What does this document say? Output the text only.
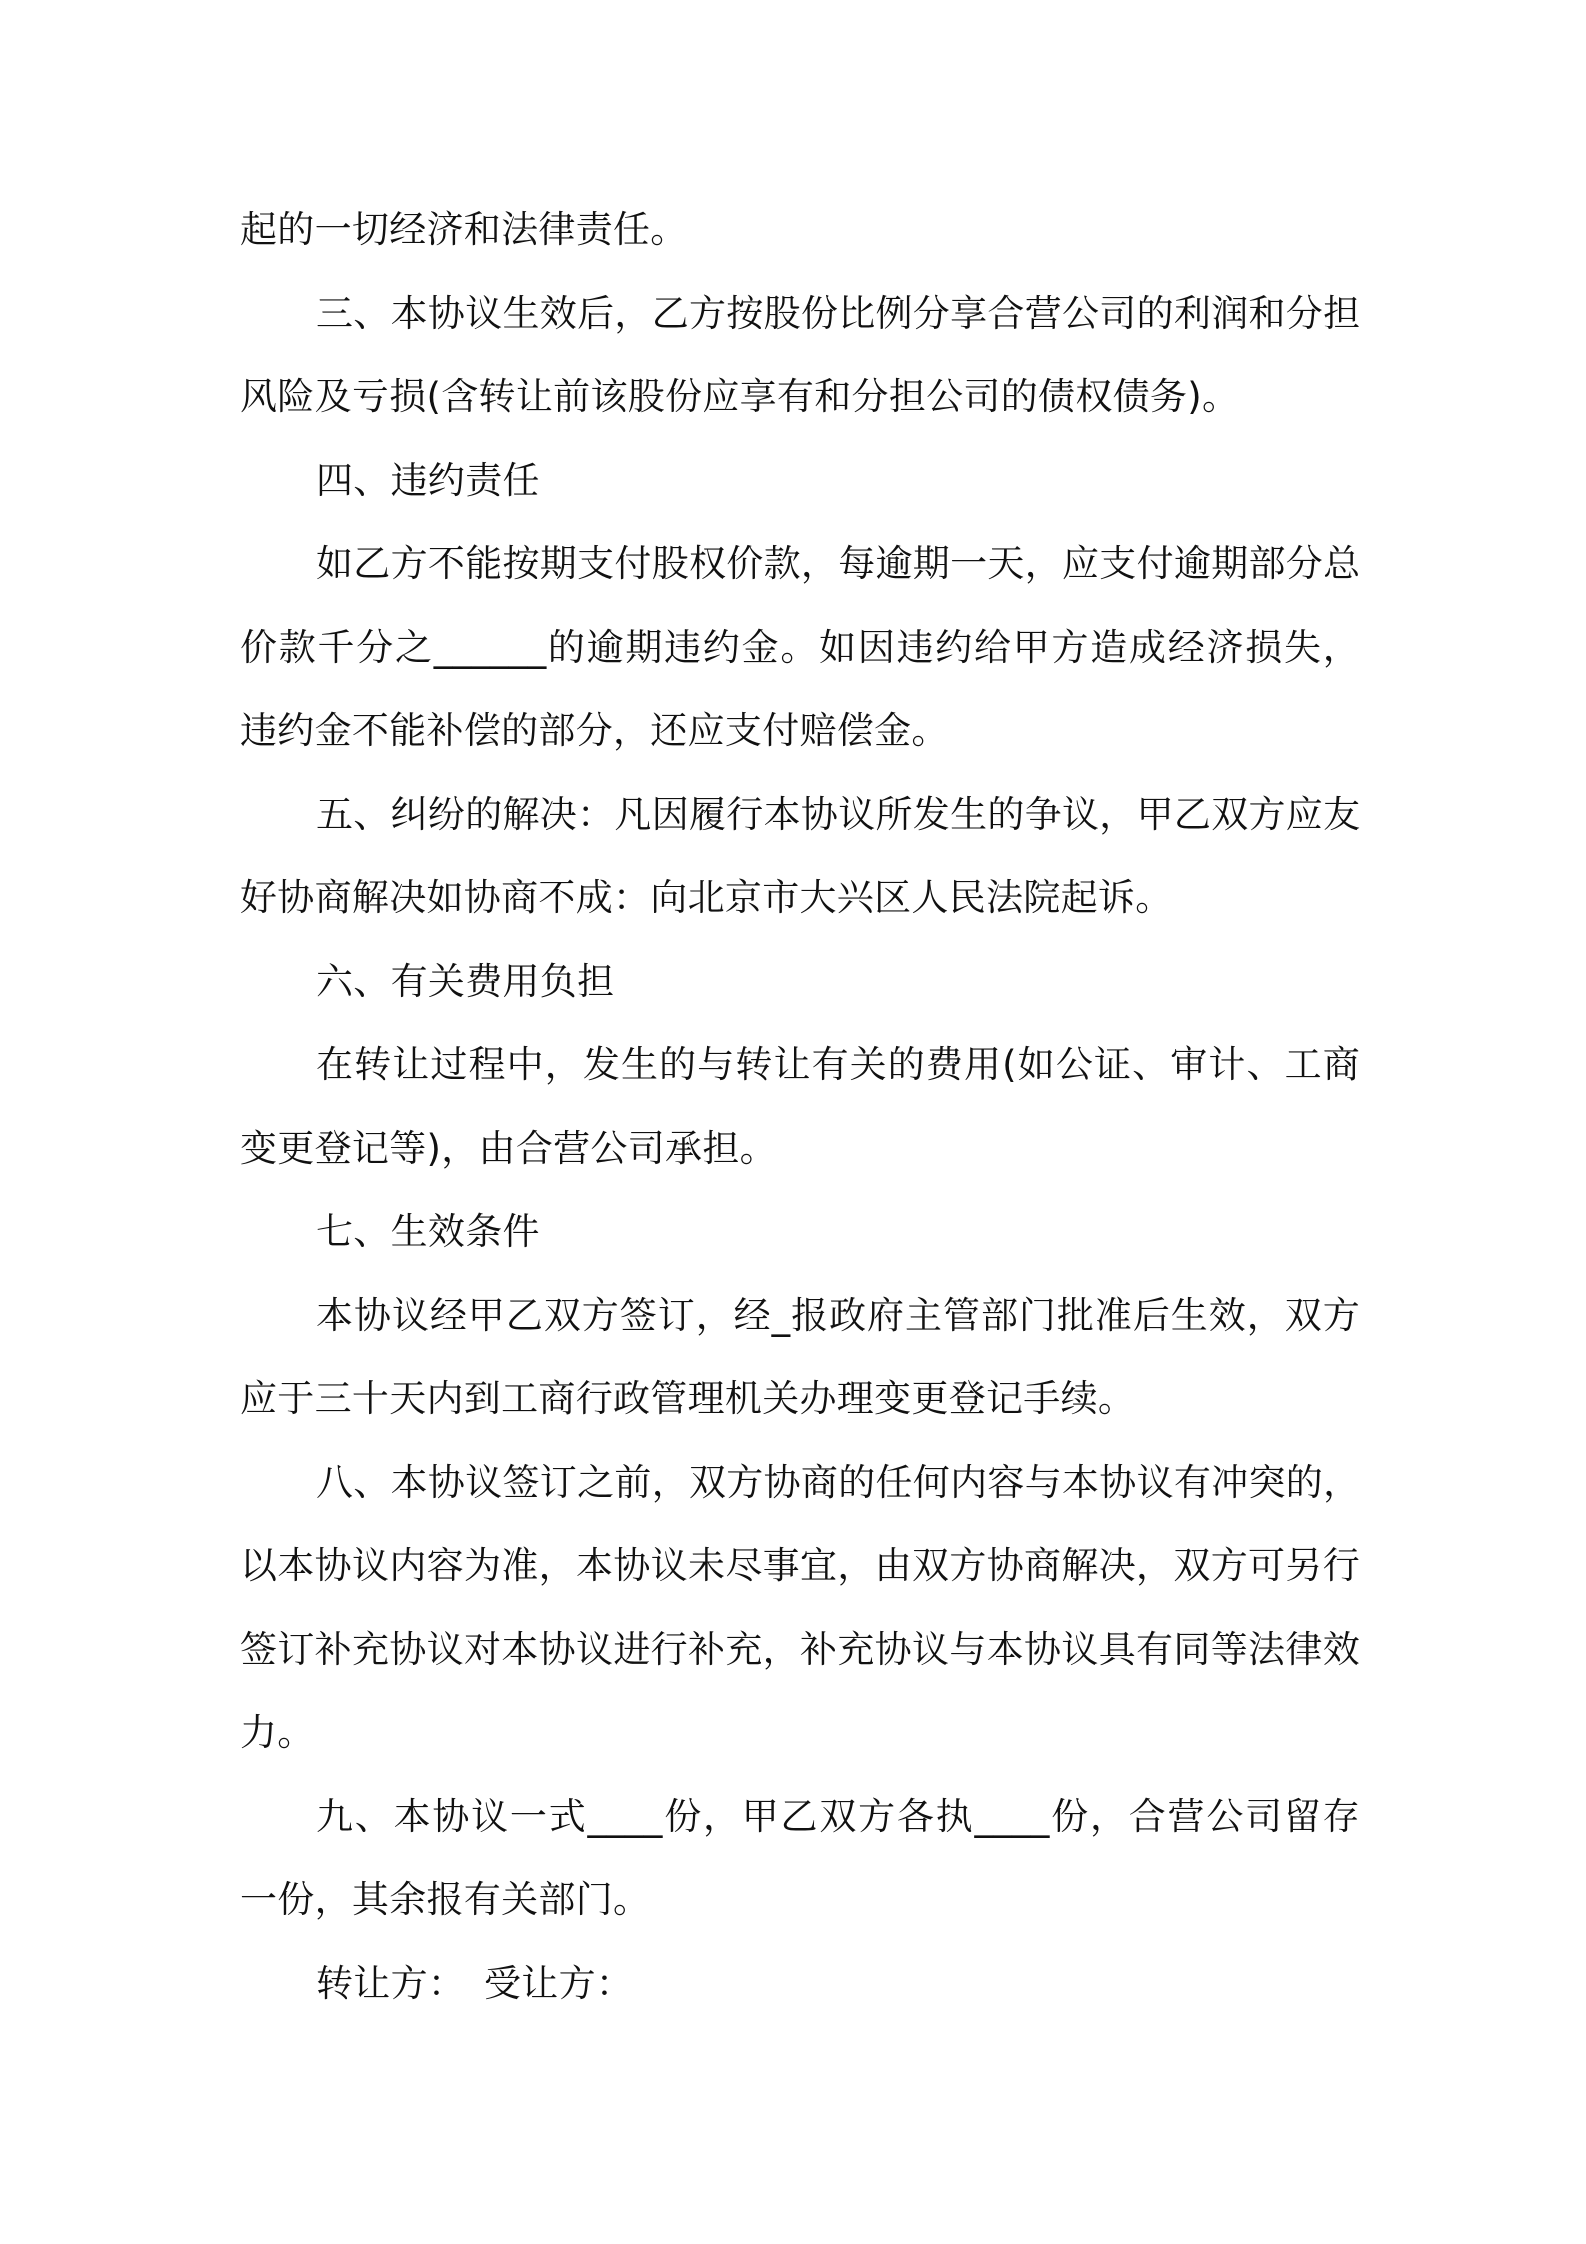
起的一切经济和法律责任。
三、本协议生效后，乙方按股份比例分享合营公司的利润和分担
风险及亏损(含转让前该股份应享有和分担公司的债权债务)。
四、违约责任
如乙方不能按期支付股权价款，每逾期一天，应支付逾期部分总
价款千分之______的逾期违约金。如因违约给甲方造成经济损失，
违约金不能补偿的部分，还应支付赔偿金。
五、纠纷的解决：凡因履行本协议所发生的争议，甲乙双方应友
好协商解决如协商不成：向北京市大兴区人民法院起诉。
六、有关费用负担
在转让过程中，发生的与转让有关的费用(如公证、审计、工商
变更登记等)，由合营公司承担。
七、生效条件
本协议经甲乙双方签订，经_报政府主管部门批准后生效，双方
应于三十天内到工商行政管理机关办理变更登记手续。
八、本协议签订之前，双方协商的任何内容与本协议有冲突的，
以本协议内容为准，本协议未尽事宜，由双方协商解决，双方可另行
签订补充协议对本协议进行补充，补充协议与本协议具有同等法律效
力。
九、本协议一式____份，甲乙双方各执____份，合营公司留存
一份，其余报有关部门。
转让方：　受让方：
